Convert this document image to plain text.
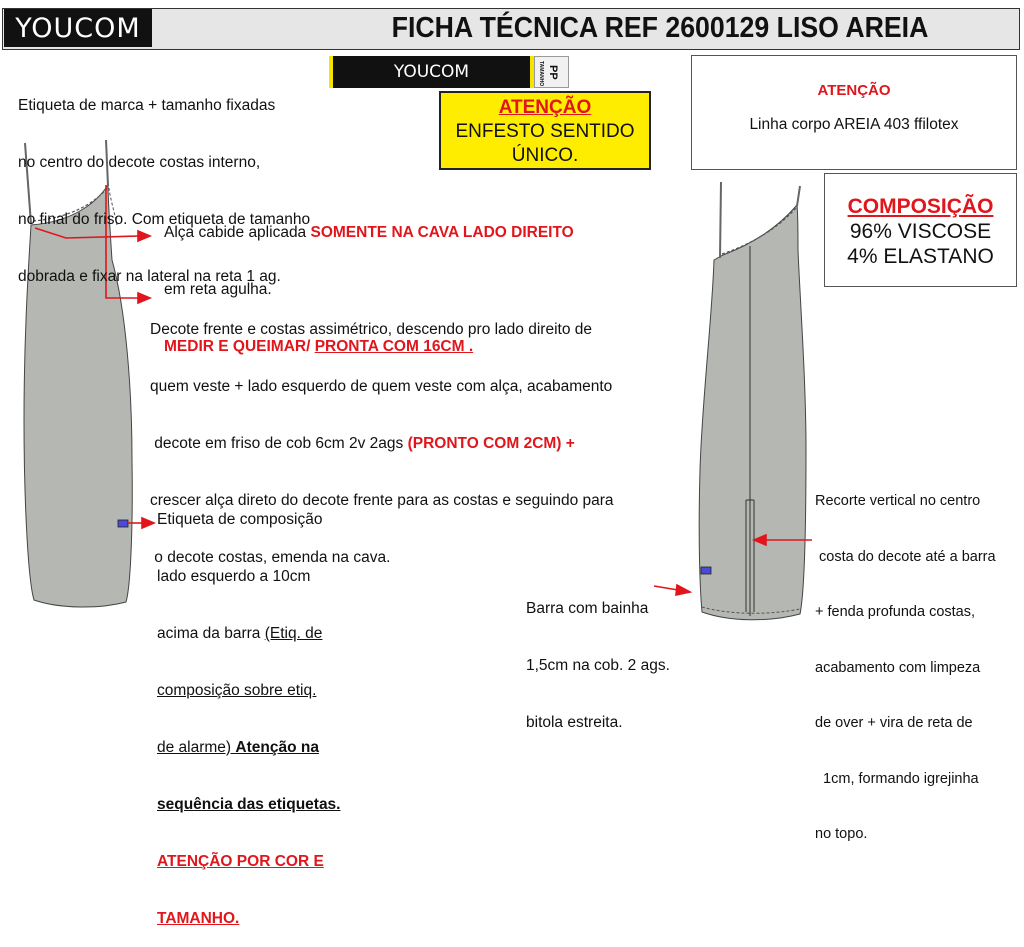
YOUCOM	FICHA TÉCNICA REF 2600129 LISO AREIA

Etiqueta de marca + tamanho fixadas

no centro do decote costas interno,

no final do friso. Com etiqueta de tamanho

dobrada e fixar na lateral na reta 1 ag.

YOUCOM	TAMANHO PP
ATENÇÃO
ENFESTO SENTIDO
ÚNICO.
ATENÇÃO
Linha corpo AREIA 403 ffilotex
COMPOSIÇÃO
96% VISCOSE
4% ELASTANO

Alça cabide aplicada SOMENTE NA CAVA LADO DIREITO

em reta agulha.

MEDIR E QUEIMAR/ PRONTA COM 16CM .

Decote frente e costas assimétrico, descendo pro lado direito de

quem veste + lado esquerdo de quem veste com alça, acabamento

decote em friso de cob 6cm 2v 2ags (PRONTO COM 2CM) +

crescer alça direto do decote frente para as costas e seguindo para

o decote costas, emenda na cava.

Etiqueta de composição

lado esquerdo a 10cm

acima da barra (Etiq. de

composição sobre etiq.

de alarme) Atenção na

sequência das etiquetas.

ATENÇÃO POR COR E

TAMANHO.

Barra com bainha

1,5cm na cob. 2 ags.

bitola estreita.

Recorte vertical no centro

costa do decote até a barra

+ fenda profunda costas,

acabamento com limpeza

de over + vira de reta de

1cm, formando igrejinha

no topo.
